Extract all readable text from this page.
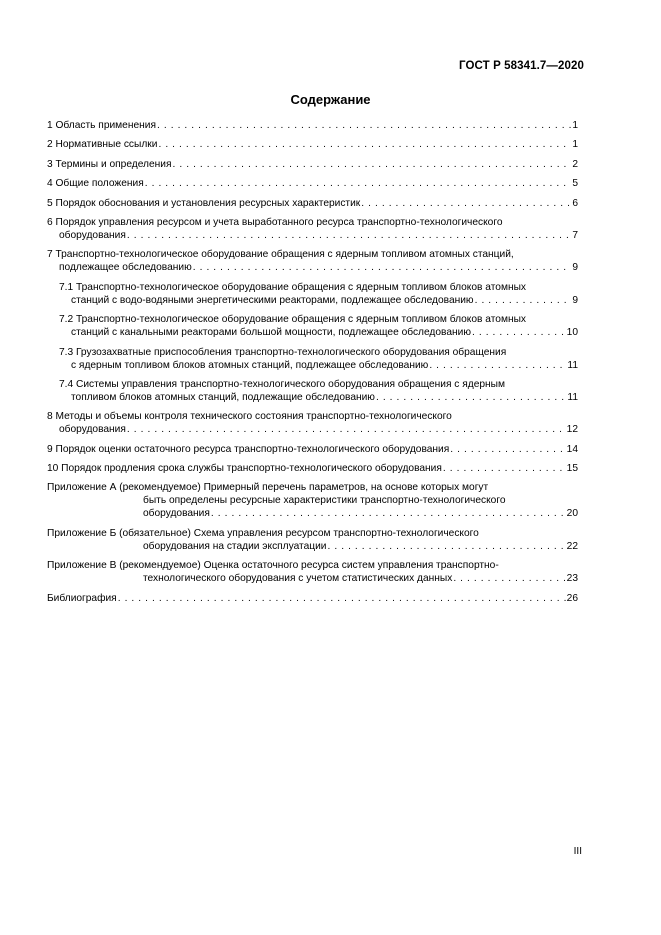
ГОСТ Р 58341.7—2020
Содержание
1 Область применения . . .	1
2 Нормативные ссылки . . .	1
3 Термины и определения . . .	2
4 Общие положения . . .	5
5 Порядок обоснования и установления ресурсных характеристик . . .	6
6 Порядок управления ресурсом и учета выработанного ресурса транспортно-технологического
оборудования . . .	7
7 Транспортно-технологическое оборудование обращения с ядерным топливом атомных станций,
подлежащее обследованию . . .	9
7.1 Транспортно-технологическое оборудование обращения с ядерным топливом блоков атомных
станций с водо-водяными энергетическими реакторами, подлежащее обследованию . . .	9
7.2 Транспортно-технологическое оборудование обращения с ядерным топливом блоков атомных
станций с канальными реакторами большой мощности, подлежащее обследованию . . .	10
7.3 Грузозахватные приспособления транспортно-технологического оборудования обращения
с ядерным топливом блоков атомных станций, подлежащее обследованию . . .	11
7.4 Системы управления транспортно-технологического оборудования обращения с ядерным
топливом блоков атомных станций, подлежащие обследованию . . .	11
8 Методы и объемы контроля технического состояния транспортно-технологического
оборудования . . .	12
9 Порядок оценки остаточного ресурса транспортно-технологического оборудования . . .	14
10 Порядок продления срока службы транспортно-технологического оборудования . . .	15
Приложение А (рекомендуемое) Примерный перечень параметров, на основе которых могут
быть определены ресурсные характеристики транспортно-технологического
оборудования . . .	20
Приложение Б (обязательное) Схема управления ресурсом транспортно-технологического
оборудования на стадии эксплуатации . . .	22
Приложение В (рекомендуемое) Оценка остаточного ресурса систем управления транспортно-
технологического оборудования с учетом статистических данных . . .	23
Библиография . . .	26
III
